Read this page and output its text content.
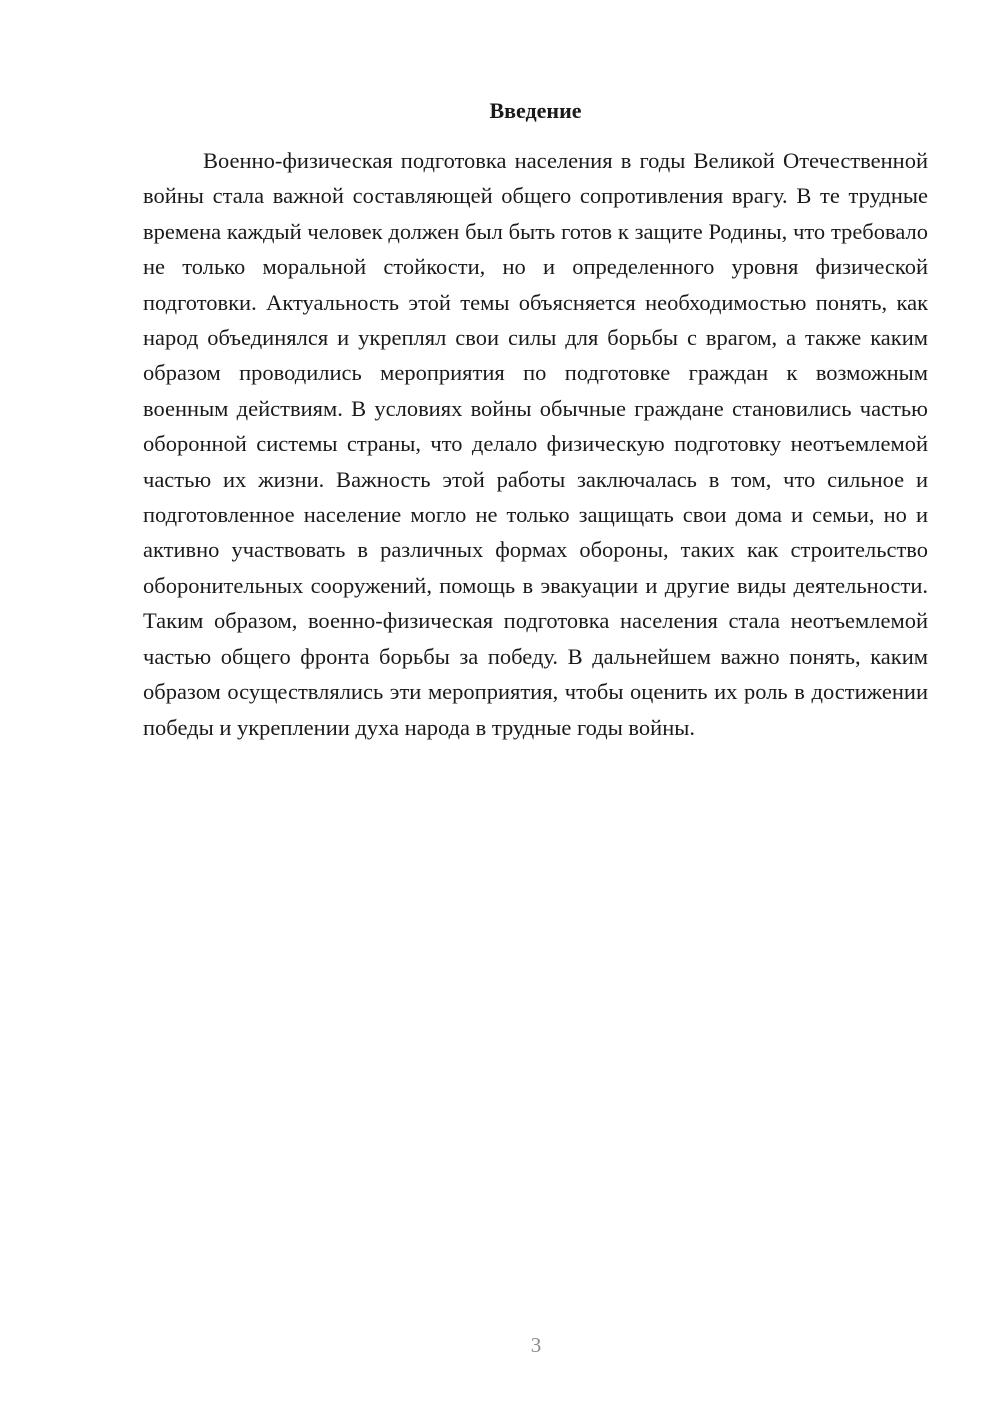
Введение

Военно-физическая подготовка населения в годы Великой Отечественной войны стала важной составляющей общего сопротивления врагу. В те трудные времена каждый человек должен был быть готов к защите Родины, что требовало не только моральной стойкости, но и определенного уровня физической подготовки. Актуальность этой темы объясняется необходимостью понять, как народ объединялся и укреплял свои силы для борьбы с врагом, а также каким образом проводились мероприятия по подготовке граждан к возможным военным действиям. В условиях войны обычные граждане становились частью оборонной системы страны, что делало физическую подготовку неотъемлемой частью их жизни. Важность этой работы заключалась в том, что сильное и подготовленное население могло не только защищать свои дома и семьи, но и активно участвовать в различных формах обороны, таких как строительство оборонительных сооружений, помощь в эвакуации и другие виды деятельности. Таким образом, военно-физическая подготовка населения стала неотъемлемой частью общего фронта борьбы за победу. В дальнейшем важно понять, каким образом осуществлялись эти мероприятия, чтобы оценить их роль в достижении победы и укреплении духа народа в трудные годы войны.

3
